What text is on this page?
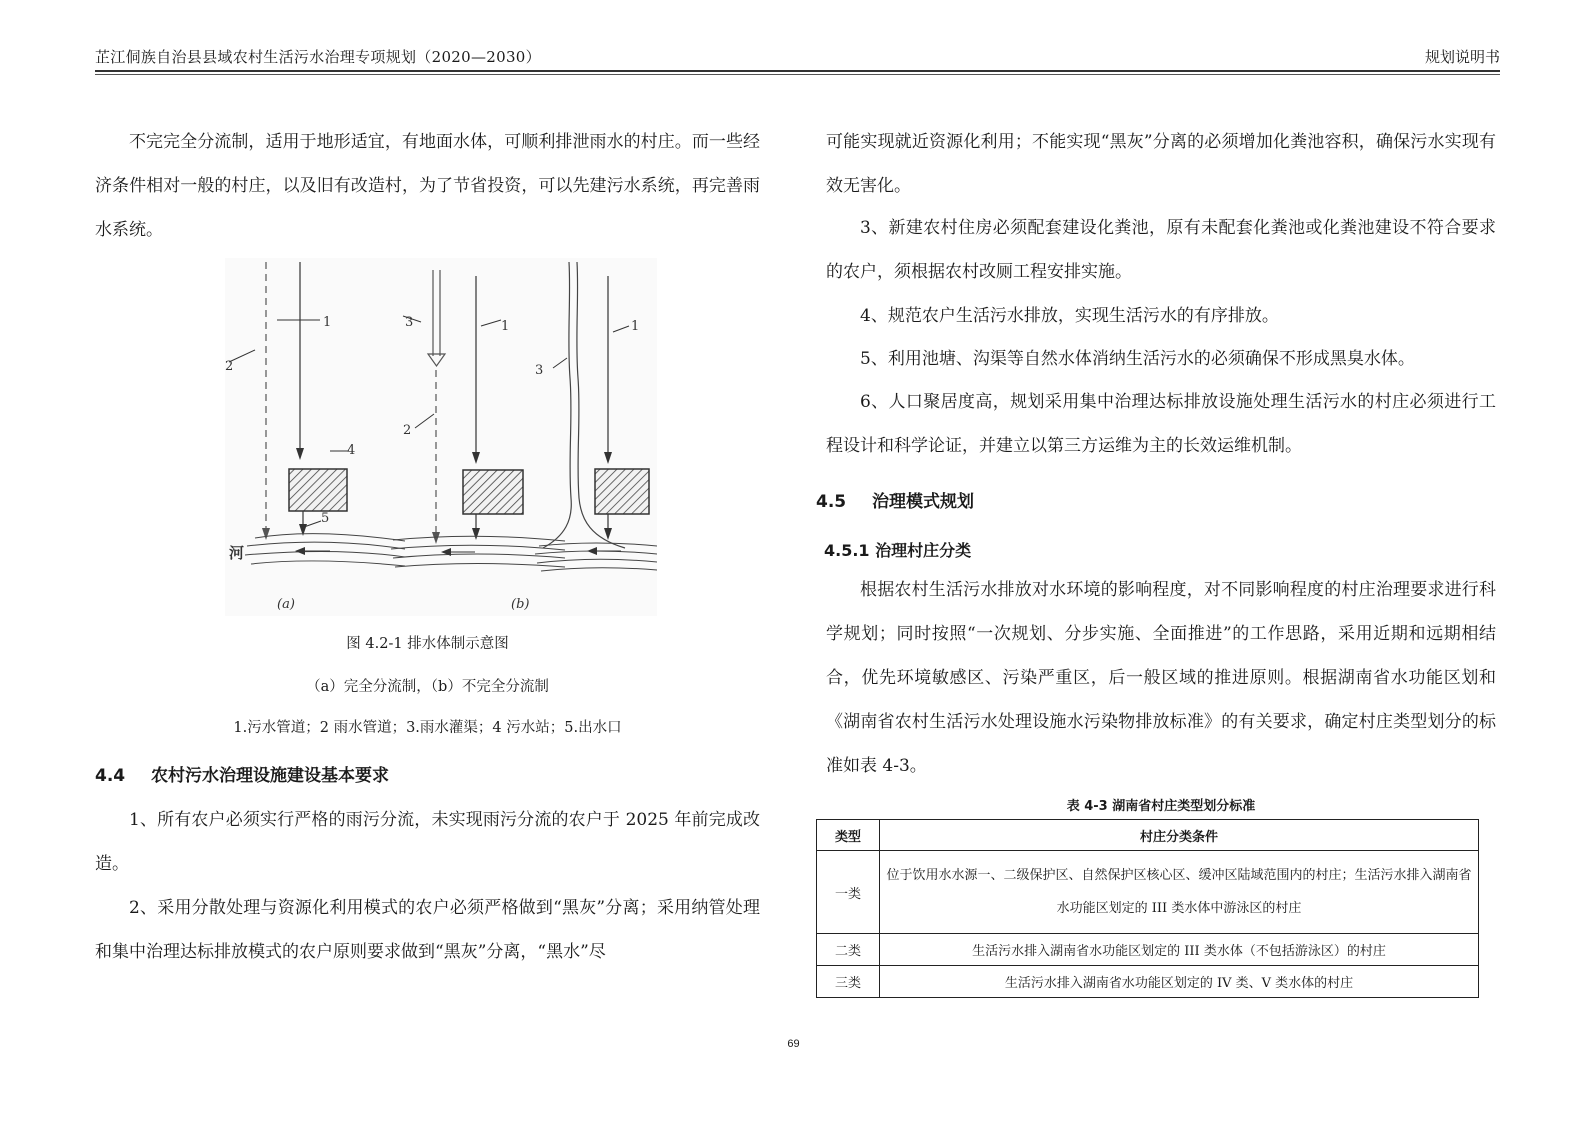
芷江侗族自治县县域农村生活污水治理专项规划（2020—2030）	规划说明书

不完完全分流制，适用于地形适宜，有地面水体，可顺利排泄雨水的村庄。而一些经济条件相对一般的村庄，以及旧有改造村，为了节省投资，可以先建污水系统，再完善雨水系统。

1
2
4
5
河
(a)
3	1
2
(b)
1
3
图 4.2-1 排水体制示意图
（a）完全分流制，（b）不完全分流制
1.污水管道；2 雨水管道；3.雨水灌渠；4 污水站；5.出水口
4.4 农村污水治理设施建设基本要求

1、所有农户必须实行严格的雨污分流，未实现雨污分流的农户于 2025 年前完成改造。

2、采用分散处理与资源化利用模式的农户必须严格做到“黑灰”分离；采用纳管处理和集中治理达标排放模式的农户原则要求做到“黑灰”分离，“黑水”尽

可能实现就近资源化利用；不能实现“黑灰”分离的必须增加化粪池容积，确保污水实现有效无害化。

3、新建农村住房必须配套建设化粪池，原有未配套化粪池或化粪池建设不符合要求的农户，须根据农村改厕工程安排实施。

4、规范农户生活污水排放，实现生活污水的有序排放。

5、利用池塘、沟渠等自然水体消纳生活污水的必须确保不形成黑臭水体。

6、人口聚居度高，规划采用集中治理达标排放设施处理生活污水的村庄必须进行工程设计和科学论证，并建立以第三方运维为主的长效运维机制。

4.5 治理模式规划
4.5.1 治理村庄分类

根据农村生活污水排放对水环境的影响程度，对不同影响程度的村庄治理要求进行科学规划；同时按照“一次规划、分步实施、全面推进”的工作思路，采用近期和远期相结合，优先环境敏感区、污染严重区，后一般区域的推进原则。根据湖南省水功能区划和《湖南省农村生活污水处理设施水污染物排放标准》的有关要求，确定村庄类型划分的标准如表 4-3。

表 4-3 湖南省村庄类型划分标准
类型	村庄分类条件
一类	位于饮用水水源一、二级保护区、自然保护区核心区、缓冲区陆域范围内的村庄；生活污水排入湖南省水功能区划定的 III 类水体中游泳区的村庄
二类	生活污水排入湖南省水功能区划定的 III 类水体（不包括游泳区）的村庄
三类	生活污水排入湖南省水功能区划定的 IV 类、V 类水体的村庄
69
